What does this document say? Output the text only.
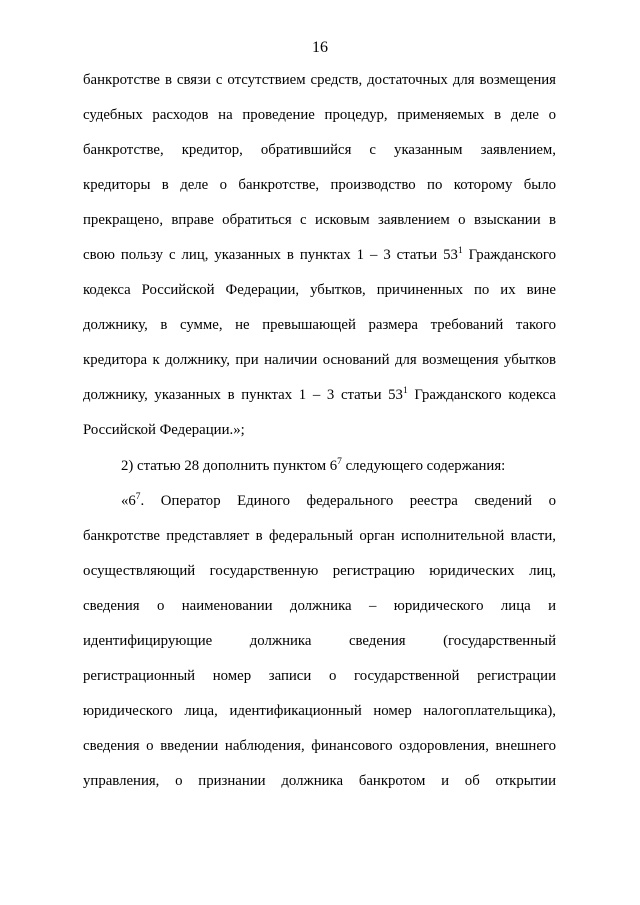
16
банкротстве в связи с отсутствием средств, достаточных для возмещения
судебных расходов на проведение процедур, применяемых в деле о
банкротстве, кредитор, обратившийся с указанным заявлением,
кредиторы в деле о банкротстве, производство по которому было
прекращено, вправе обратиться с исковым заявлением о взыскании в
свою пользу с лиц, указанных в пунктах 1 – 3 статьи $53^1$ Гражданского
кодекса Российской Федерации, убытков, причиненных по их вине
должнику, в сумме, не превышающей размера требований такого
кредитора к должнику, при наличии оснований для возмещения убытков
должнику, указанных в пунктах 1 – 3 статьи $53^1$ Гражданского кодекса
Российской Федерации.»;
2) статью 28 дополнить пунктом $6^7$ следующего содержания:
«$6^7$. Оператор Единого федерального реестра сведений о
банкротстве представляет в федеральный орган исполнительной власти,
осуществляющий государственную регистрацию юридических лиц,
сведения о наименовании должника – юридического лица и
идентифицирующие должника сведения (государственный
регистрационный номер записи о государственной регистрации
юридического лица, идентификационный номер налогоплательщика),
сведения о введении наблюдения, финансового оздоровления, внешнего
управления, о признании должника банкротом и об открытии
